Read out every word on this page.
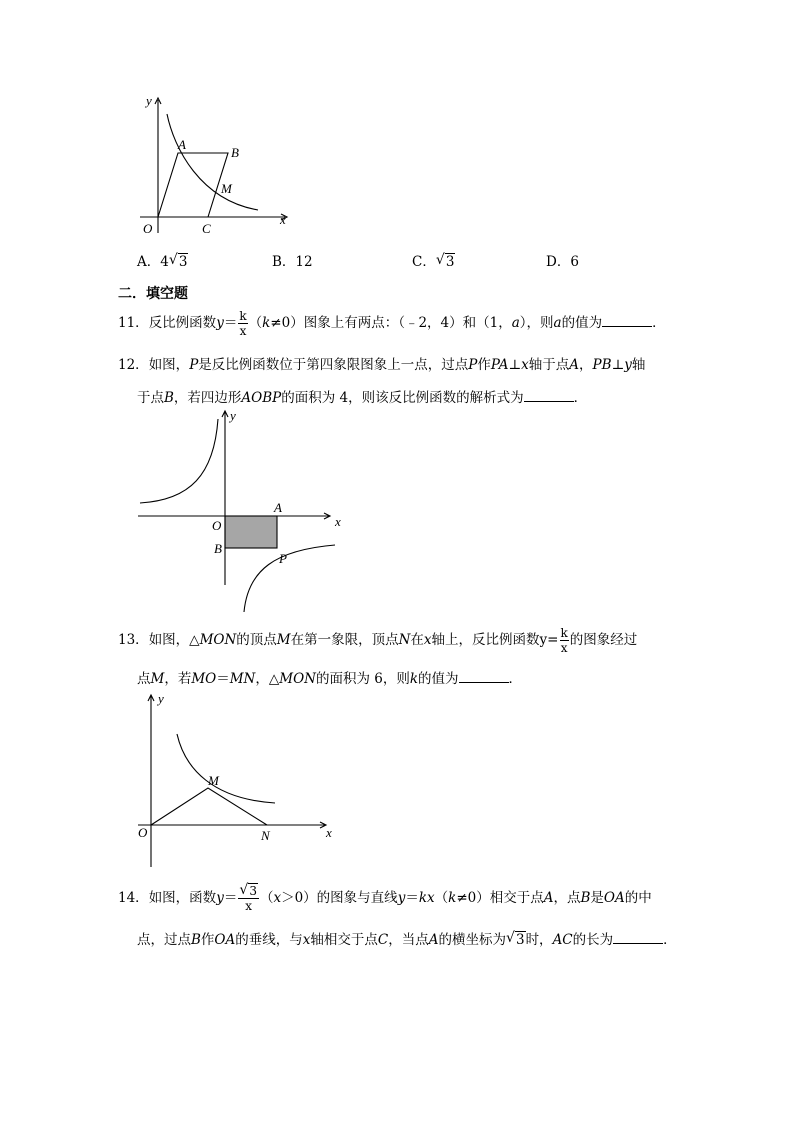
y
x
O
A
B
C
M
A．4 √ 3	B．12	C． √ 3	D．6
二．填空题
11．反比例函数$y= \frac{k}{x} (k\ne 0)$图象上有两点：（﹣2，4）和（1，a），则a的值为	．
12．如图，P是反比例函数位于第四象限图象上一点，过点P作PA⊥x轴于点A，PB⊥y轴
于点B，若四边形AOBP的面积为 4，则该反比例函数的解析式为	．
y
x
O
A
B
P
13．如图，△MON的顶点M在第一象限，顶点N在x轴上，反比例函数$y= \frac{k}{x}$ 的图象经过
点M，若MO＝MN，△MON的面积为 6，则k的值为	．
y
x
O
M
N
14．如图，函数y＝ √ $\frac{3}{x} (x>0)$的图象与直线y＝kx（k≠0）相交于点A，点B是OA的中
点，过点B作OA的垂线，与x轴相交于点C，当点A的横坐标为 √ 3时，AC的长为	．
